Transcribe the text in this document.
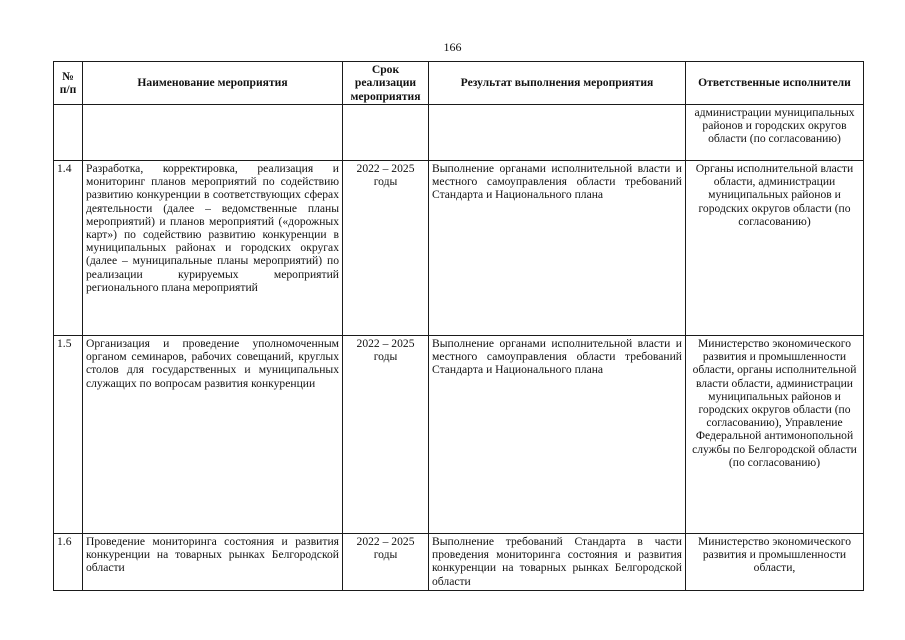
166
№ п/п	Наименование мероприятия	Срок реализации мероприятия	Результат выполнения мероприятия	Ответственные исполнители
				администрации муниципальных районов и городских округов области (по согласованию)
1.4	Разработка, корректировка, реализация и мониторинг планов мероприятий по содействию развитию конкуренции в соответствующих сферах деятельности (далее – ведомственные планы мероприятий) и планов мероприятий («дорожных карт») по содействию развитию конкуренции в муниципальных районах и городских округах (далее – муниципальные планы мероприятий) по реализации курируемых мероприятий регионального плана мероприятий	2022 – 2025 годы	Выполнение органами исполнительной власти и местного самоуправления области требований Стандарта и Национального плана	Органы исполнительной власти области, администрации муниципальных районов и городских округов области (по согласованию)
1.5	Организация и проведение уполномоченным органом семинаров, рабочих совещаний, круглых столов для государственных и муниципальных служащих по вопросам развития конкуренции	2022 – 2025 годы	Выполнение органами исполнительной власти и местного самоуправления области требований Стандарта и Национального плана	Министерство экономического развития и промышленности области, органы исполнительной власти области, администрации муниципальных районов и городских округов области (по согласованию), Управление Федеральной антимонопольной службы по Белгородской области (по согласованию)
1.6	Проведение мониторинга состояния и развития конкуренции на товарных рынках Белгородской области	2022 – 2025 годы	Выполнение требований Стандарта в части проведения мониторинга состояния и развития конкуренции на товарных рынках Белгородской области	Министерство экономического развития и промышленности области,
